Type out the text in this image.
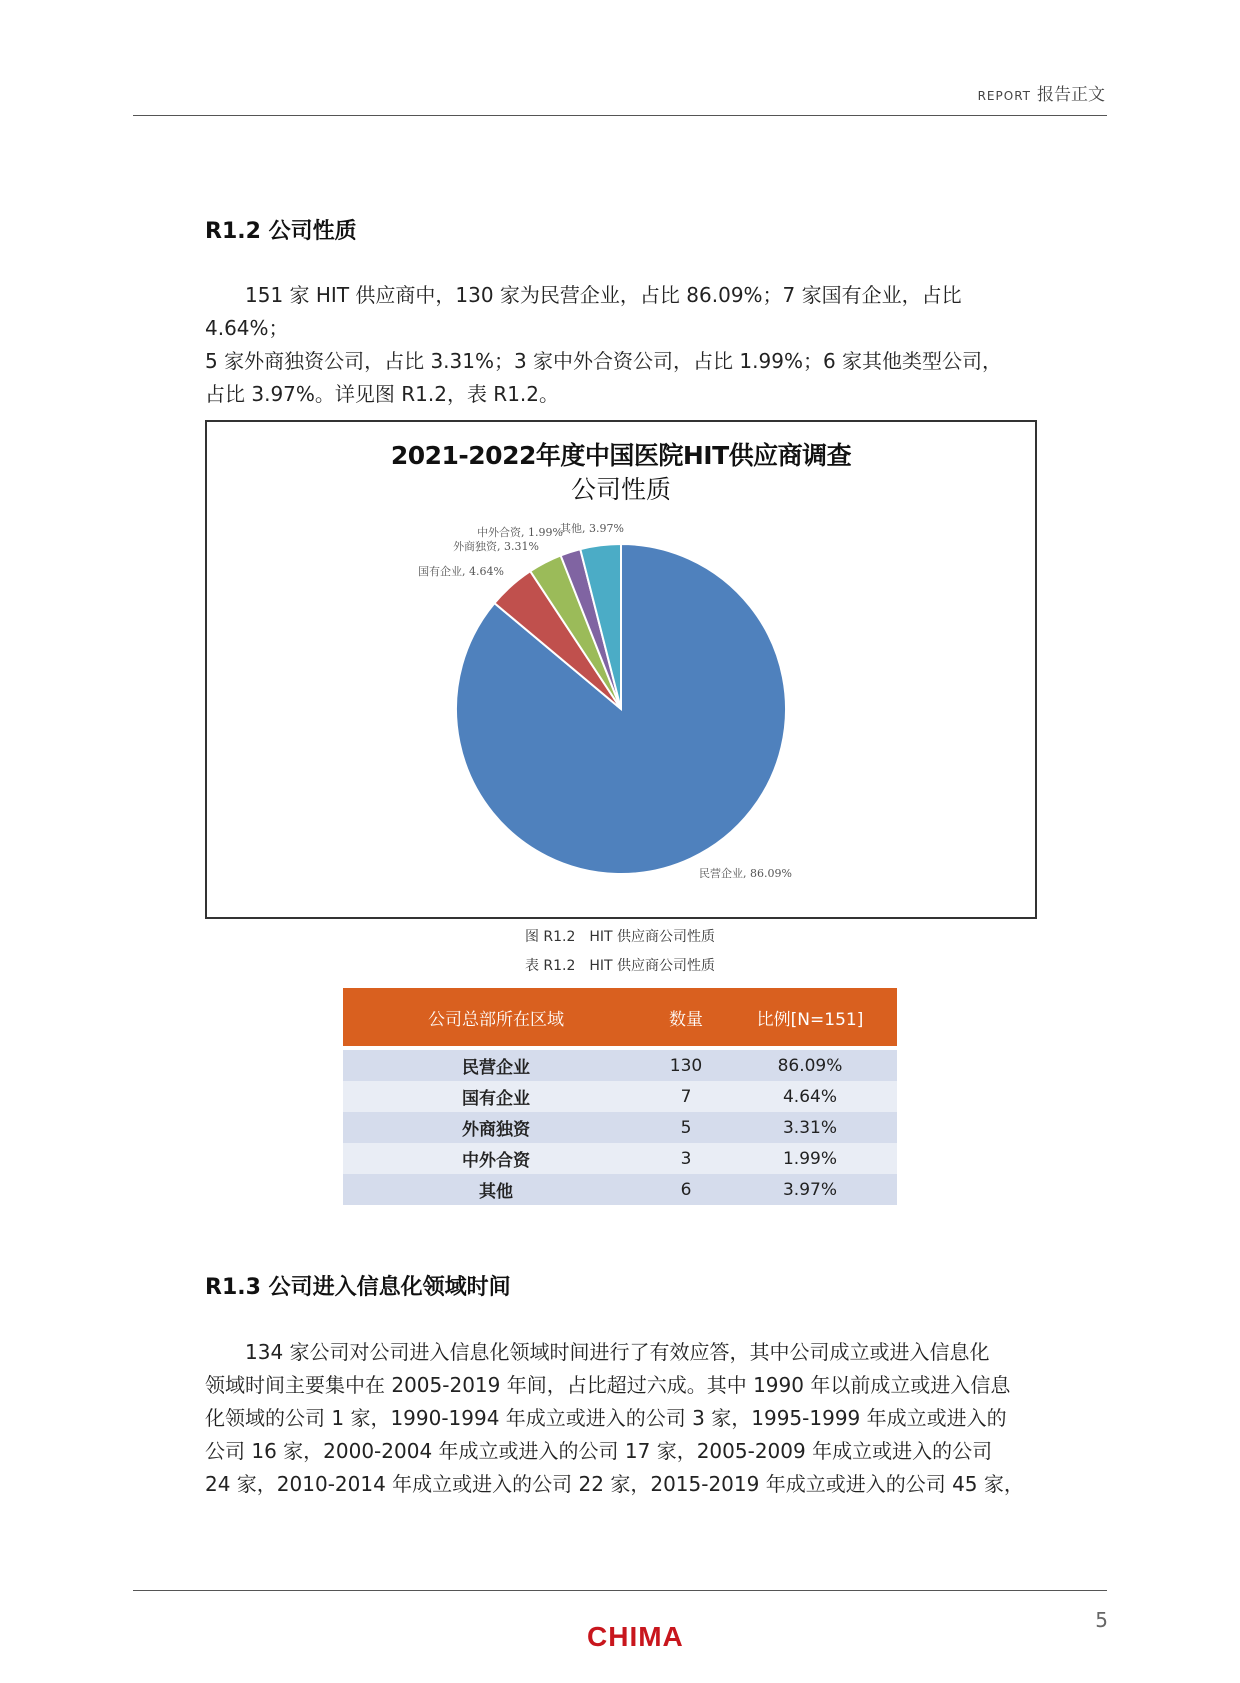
REPORT 报告正文
R1.2 公司性质
151 家 HIT 供应商中，130 家为民营企业，占比 86.09%；7 家国有企业，占比 4.64%；
5 家外商独资公司，占比 3.31%；3 家中外合资公司，占比 1.99%；6 家其他类型公司，
占比 3.97%。详见图 R1.2，表 R1.2。
2021-2022年度中国医院HIT供应商调查
公司性质
民营企业, 86.09%
国有企业, 4.64%
外商独资, 3.31%
中外合资, 1.99%
其他, 3.97%
图 R1.2　HIT 供应商公司性质
表 R1.2　HIT 供应商公司性质
公司总部所在区域	数量	比例[N=151]
民营企业	130	86.09%
国有企业	7	4.64%
外商独资	5	3.31%
中外合资	3	1.99%
其他	6	3.97%
R1.3 公司进入信息化领域时间
134 家公司对公司进入信息化领域时间进行了有效应答，其中公司成立或进入信息化
领域时间主要集中在 2005-2019 年间，占比超过六成。其中 1990 年以前成立或进入信息
化领域的公司 1 家，1990-1994 年成立或进入的公司 3 家，1995-1999 年成立或进入的
公司 16 家，2000-2004 年成立或进入的公司 17 家，2005-2009 年成立或进入的公司
24 家，2010-2014 年成立或进入的公司 22 家，2015-2019 年成立或进入的公司 45 家，
5
CHIMA
